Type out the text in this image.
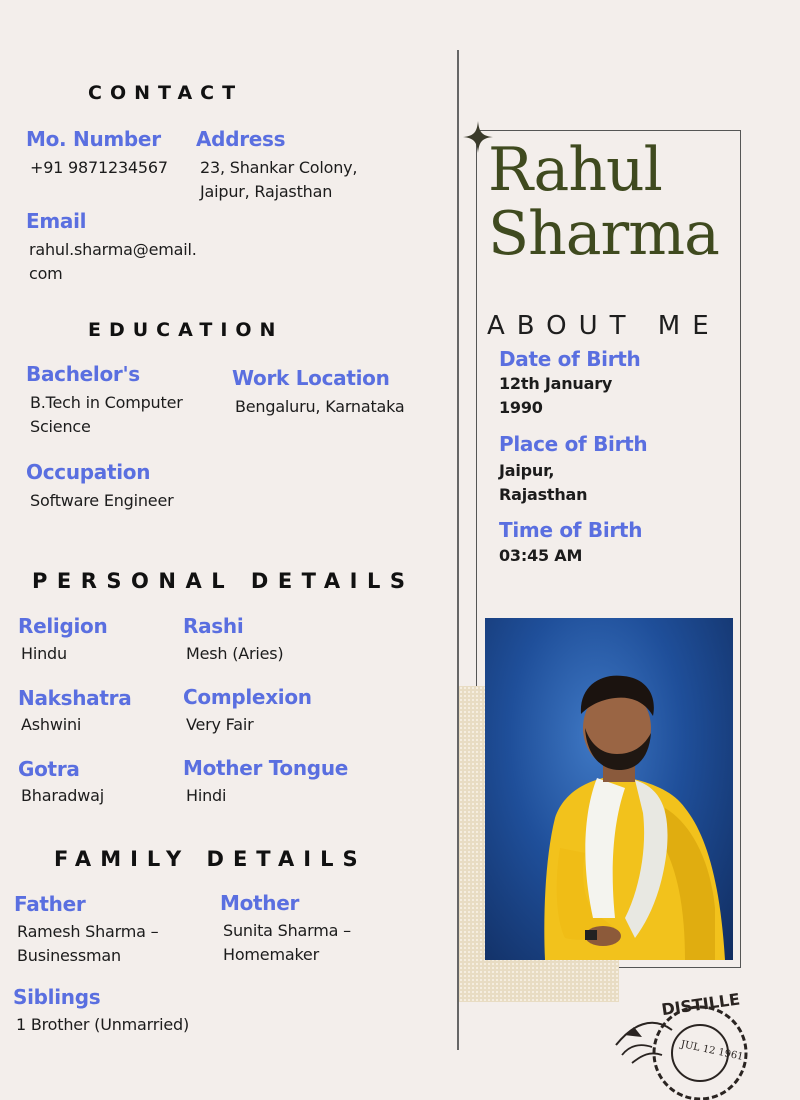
CONTACT
Mo. Number
+91 9871234567
Address
23, Shankar Colony,
Jaipur, Rajasthan
Email
rahul.sharma@email.
com
EDUCATION
Bachelor's
B.Tech in Computer
Science
Work Location
Bengaluru, Karnataka
Occupation
Software Engineer
PERSONAL DETAILS
Religion
Hindu
Rashi
Mesh (Aries)
Nakshatra
Ashwini
Complexion
Very Fair
Gotra
Bharadwaj
Mother Tongue
Hindi
FAMILY DETAILS
Father
Ramesh Sharma –
Businessman
Mother
Sunita Sharma –
Homemaker
Siblings
1 Brother (Unmarried)
Rahul
Sharma
ABOUT ME
Date of Birth
12th January
1990
Place of Birth
Jaipur,
Rajasthan
Time of Birth
03:45 AM
DISTILLE
JUL 12 1961
